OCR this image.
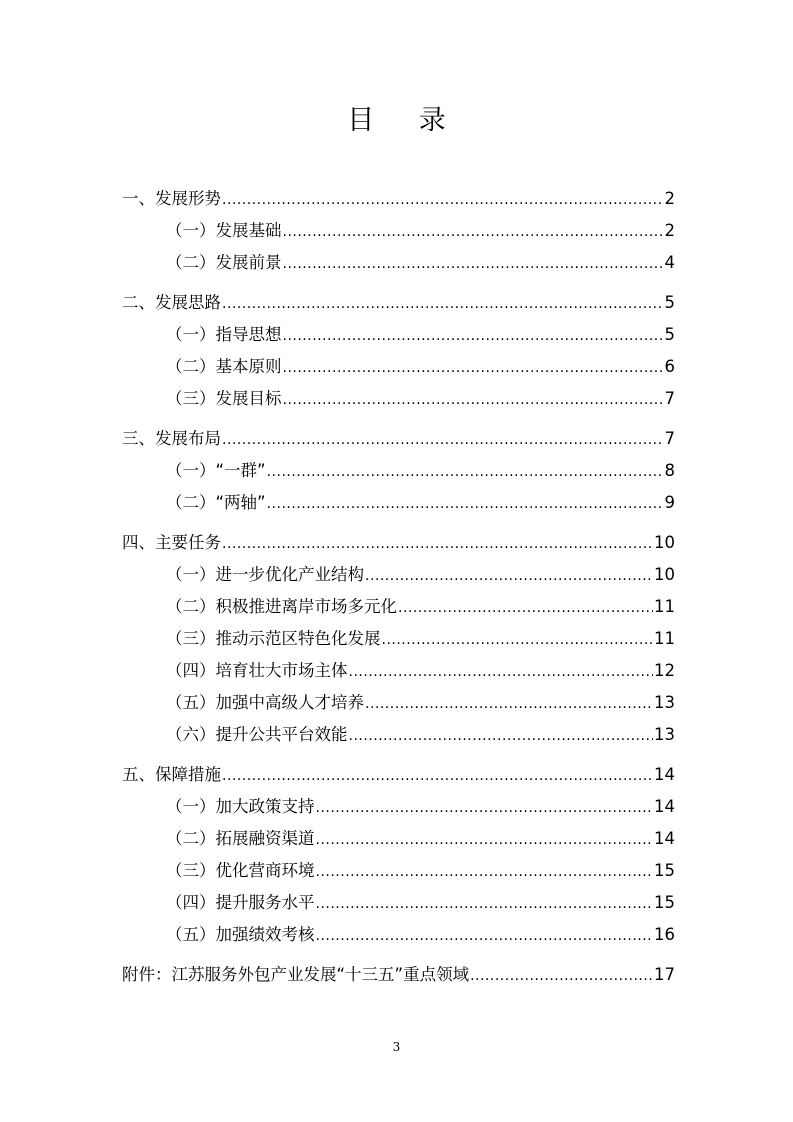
目 录
一、发展形势 .....	2
（一）发展基础 .....	2
（二）发展前景 .....	4
二、发展思路 .....	5
（一）指导思想 .....	5
（二）基本原则 .....	6
（三）发展目标 .....	7
三、发展布局 .....	7
（一）“一群” .....	8
（二）“两轴” .....	9
四、主要任务 .....	10
（一）进一步优化产业结构 .....	10
（二）积极推进离岸市场多元化 .....	11
（三）推动示范区特色化发展 .....	11
（四）培育壮大市场主体 .....	12
（五）加强中高级人才培养 .....	13
（六）提升公共平台效能 .....	13
五、保障措施 .....	14
（一）加大政策支持 .....	14
（二）拓展融资渠道 .....	14
（三）优化营商环境 .....	15
（四）提升服务水平 .....	15
（五）加强绩效考核 .....	16
附件：江苏服务外包产业发展“十三五”重点领域 .....	17
3
